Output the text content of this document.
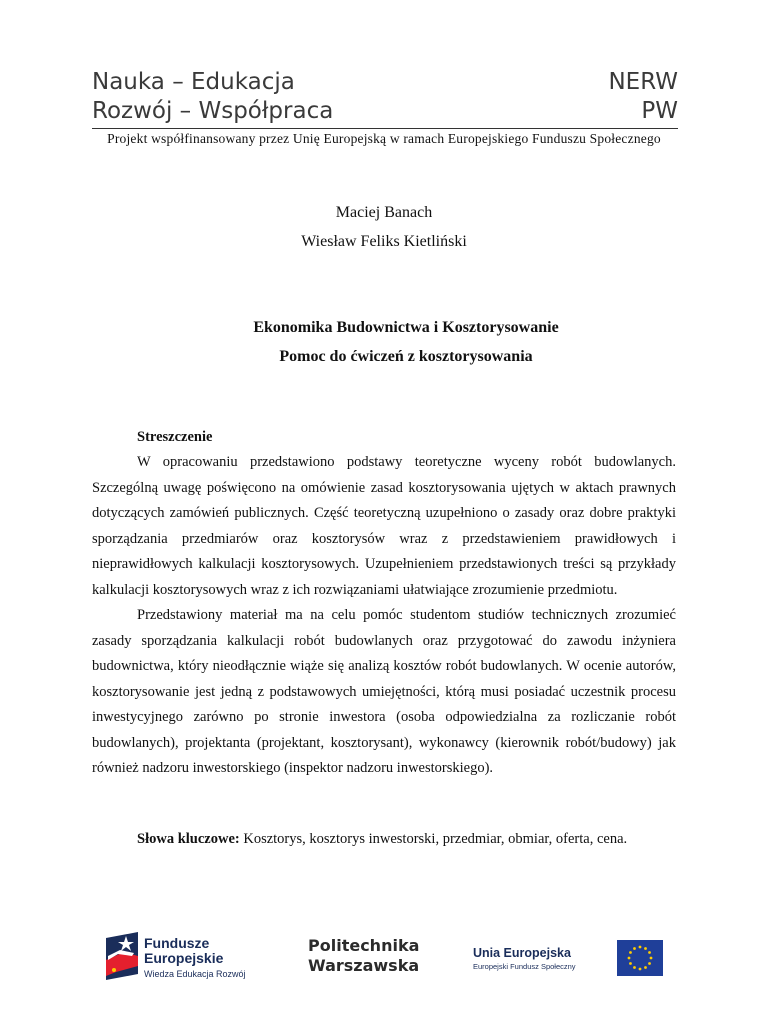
Nauka – Edukacja	NERW
Rozwój – Współpraca	PW
Projekt współfinansowany przez Unię Europejską w ramach Europejskiego Funduszu Społecznego
Maciej Banach
Wiesław Feliks Kietliński
Ekonomika Budownictwa i Kosztorysowanie
Pomoc do ćwiczeń z kosztorysowania
Streszczenie

W opracowaniu przedstawiono podstawy teoretyczne wyceny robót budowlanych. Szczególną uwagę poświęcono na omówienie zasad kosztorysowania ujętych w aktach prawnych dotyczących zamówień publicznych. Część teoretyczną uzupełniono o zasady oraz dobre praktyki sporządzania przedmiarów oraz kosztorysów wraz z przedstawieniem prawidłowych i nieprawidłowych kalkulacji kosztorysowych. Uzupełnieniem przedstawionych treści są przykłady kalkulacji kosztorysowych wraz z ich rozwiązaniami ułatwiające zrozumienie przedmiotu.

Przedstawiony materiał ma na celu pomóc studentom studiów technicznych zrozumieć zasady sporządzania kalkulacji robót budowlanych oraz przygotować do zawodu inżyniera budownictwa, który nieodłącznie wiąże się analizą kosztów robót budowlanych. W ocenie autorów, kosztorysowanie jest jedną z podstawowych umiejętności, którą musi posiadać uczestnik procesu inwestycyjnego zarówno po stronie inwestora (osoba odpowiedzialna za rozliczanie robót budowlanych), projektanta (projektant, kosztorysant), wykonawcy (kierownik robót/budowy) jak również nadzoru inwestorskiego (inspektor nadzoru inwestorskiego).

Słowa kluczowe: Kosztorys, kosztorys inwestorski, przedmiar, obmiar, oferta, cena.
Fundusze
Europejskie
Wiedza Edukacja Rozwój
Politechnika
Warszawska
Unia Europejska
Europejski Fundusz Społeczny
